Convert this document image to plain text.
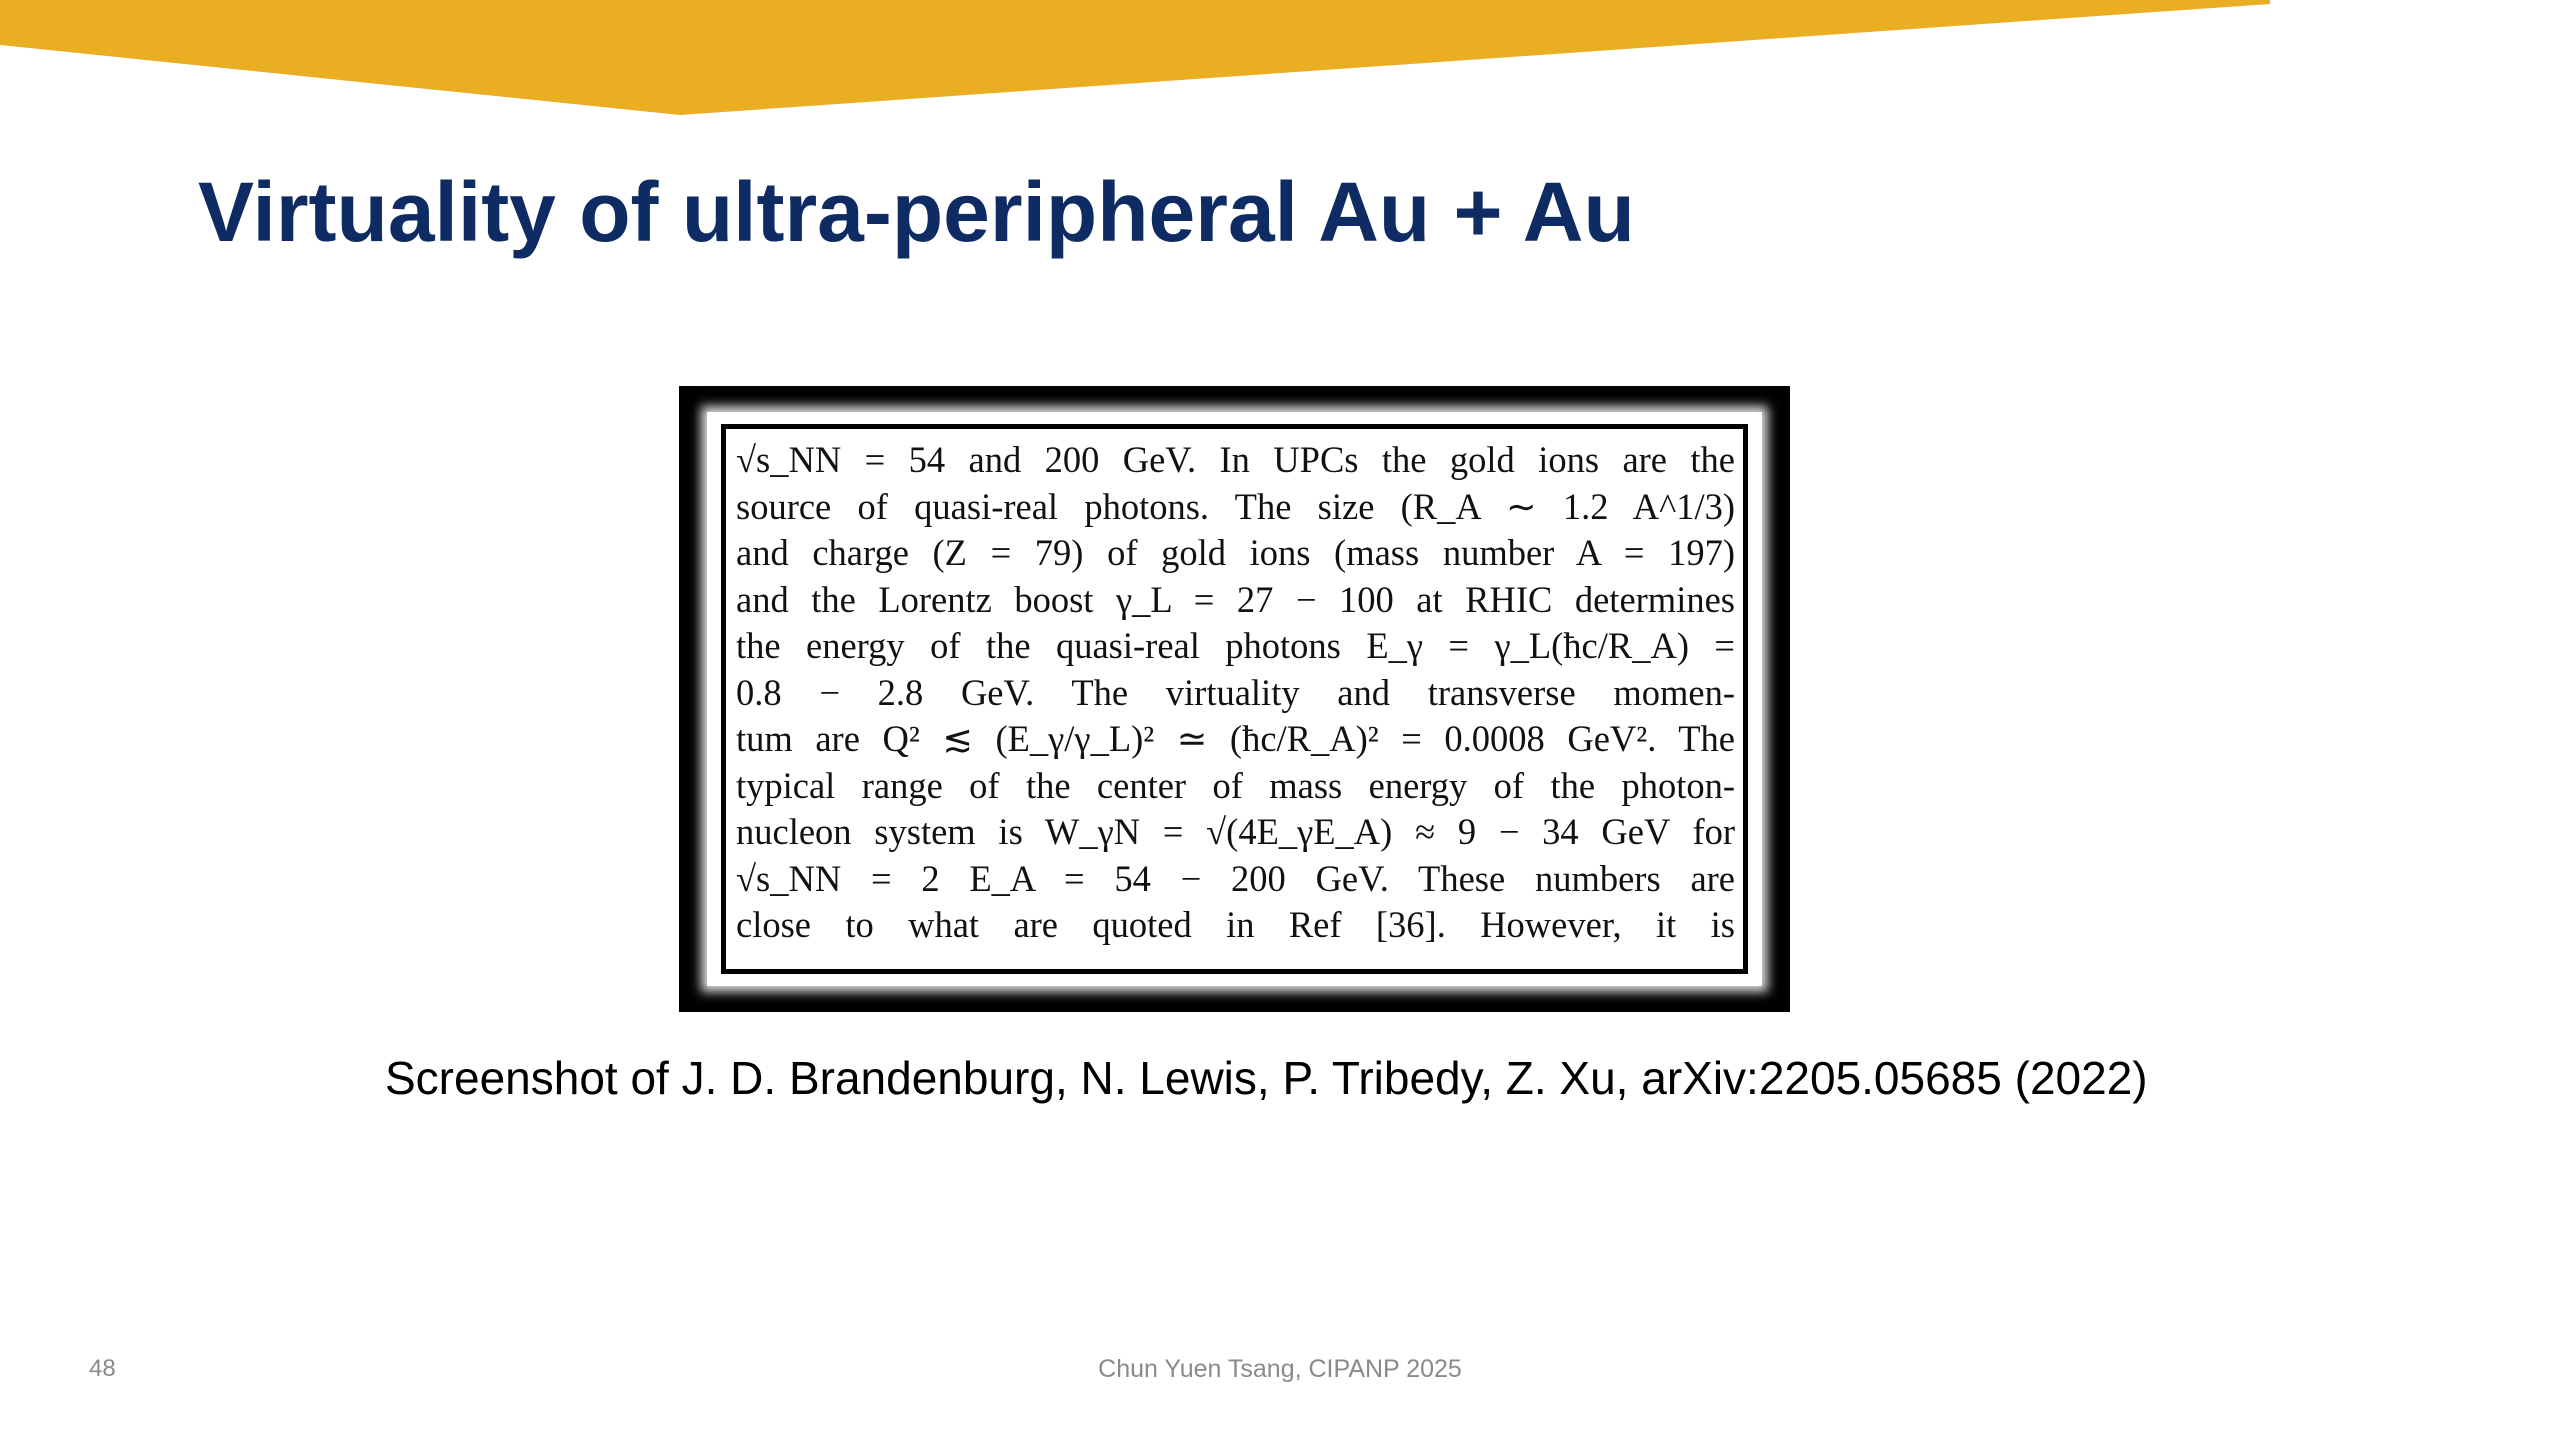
Virtuality of ultra-peripheral Au + Au
√s_NN = 54 and 200 GeV. In UPCs the gold ions are the
source of quasi-real photons. The size (R_A ∼ 1.2 A^1/3)
and charge (Z = 79) of gold ions (mass number A = 197)
and the Lorentz boost γ_L = 27 − 100 at RHIC determines
the energy of the quasi-real photons E_γ = γ_L(ħc/R_A) =
0.8 − 2.8 GeV. The virtuality and transverse momen-
tum are Q² ≲ (E_γ/γ_L)² ≃ (ħc/R_A)² = 0.0008 GeV². The
typical range of the center of mass energy of the photon-
nucleon system is W_γN = √(4E_γE_A) ≈ 9 − 34 GeV for
√s_NN = 2 E_A = 54 − 200 GeV. These numbers are
close to what are quoted in Ref [36]. However, it is

Screenshot of J. D. Brandenburg, N. Lewis, P. Tribedy, Z. Xu, arXiv:2205.05685 (2022)

48	Chun Yuen Tsang, CIPANP 2025
